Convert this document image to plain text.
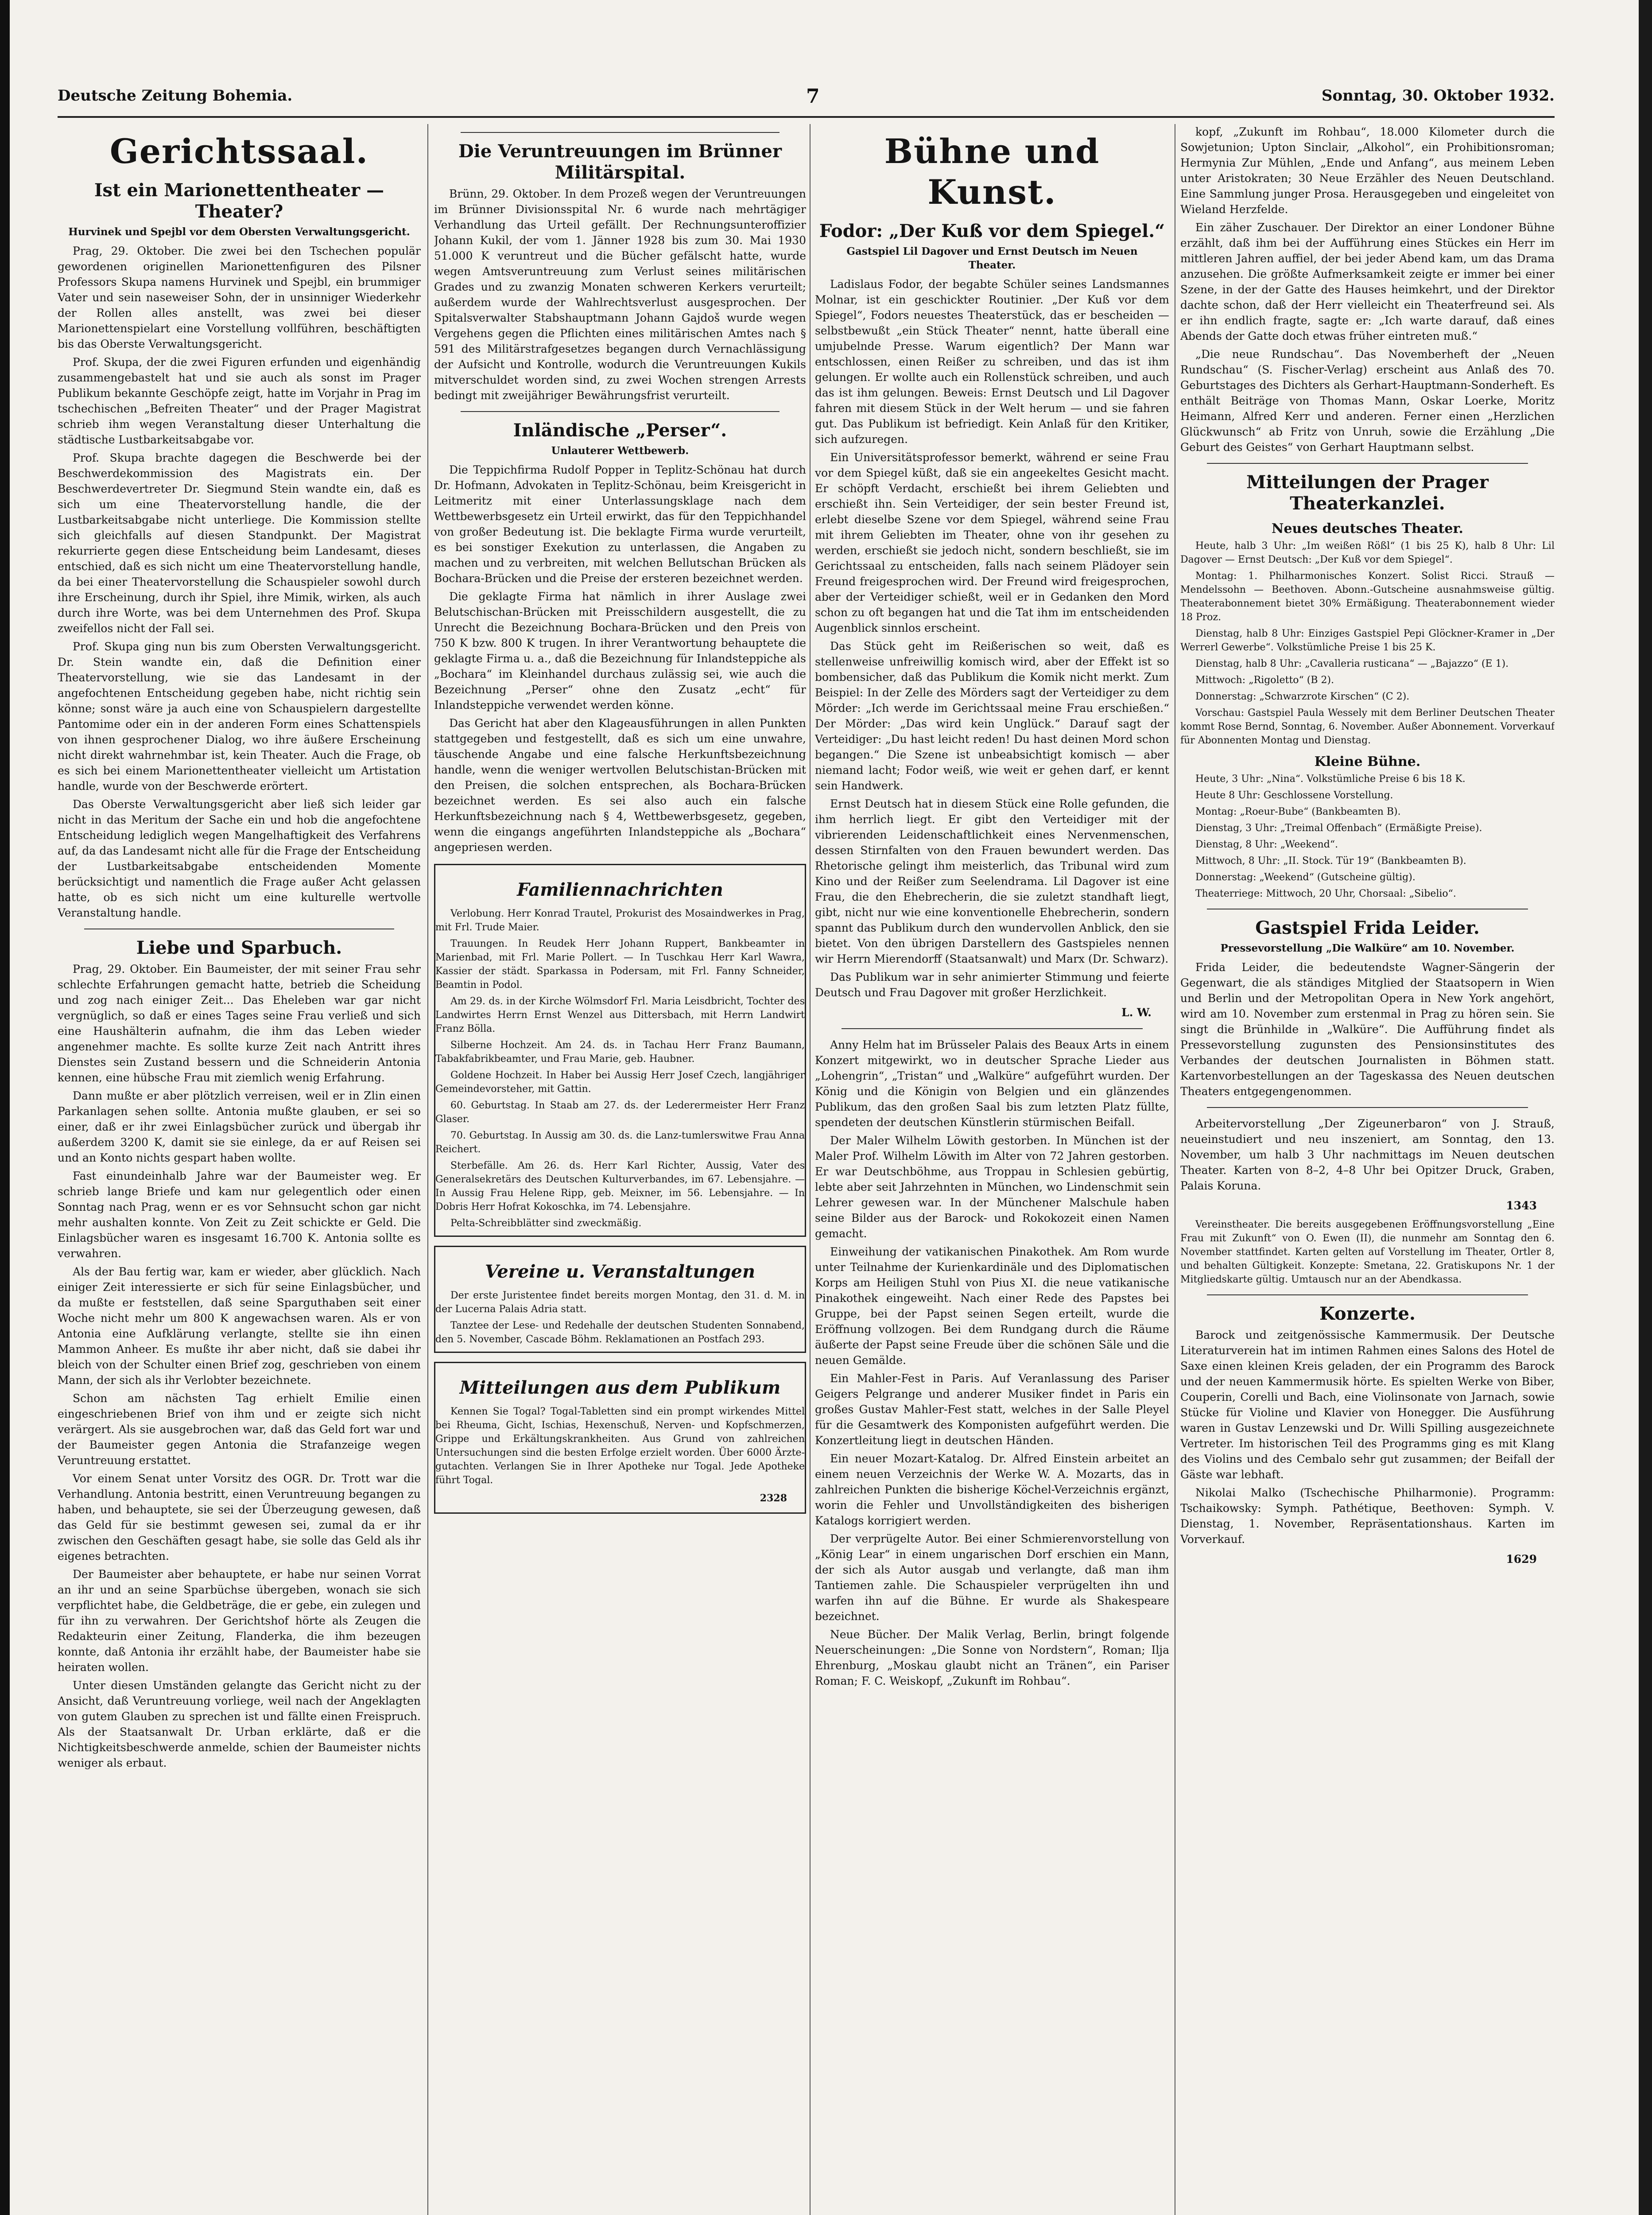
Deutsche Zeitung Bohemia.	7	Sonntag, 30. Oktober 1932.
Gerichtssaal.
Ist ein Marionettentheater — Theater?
Hurvinek und Spejbl vor dem Obersten Verwaltungsgericht.

Prag, 29. Oktober. Die zwei bei den Tschechen populär gewordenen originellen Marionettenfiguren des Pilsner Professors Skupa namens Hurvinek und Spejbl, ein brummiger Vater und sein naseweiser Sohn, der in unsinniger Wiederkehr der Rollen alles anstellt, was zwei bei dieser Marionettenspielart eine Vorstellung vollführen, beschäftigten bis das Oberste Verwaltungsgericht.

Prof. Skupa, der die zwei Figuren erfunden und eigenhändig zusammengebastelt hat und sie auch als sonst im Prager Publikum bekannte Geschöpfe zeigt, hatte im Vorjahr in Prag im tschechischen „Befreiten Theater“ und der Prager Magistrat schrieb ihm wegen Veranstaltung dieser Unterhaltung die städtische Lustbarkeitsabgabe vor.

Prof. Skupa brachte dagegen die Beschwerde bei der Beschwerdekommission des Magistrats ein. Der Beschwerdevertreter Dr. Siegmund Stein wandte ein, daß es sich um eine Theatervorstellung handle, die der Lustbarkeitsabgabe nicht unterliege. Die Kommission stellte sich gleichfalls auf diesen Standpunkt. Der Magistrat rekurrierte gegen diese Entscheidung beim Landesamt, dieses entschied, daß es sich nicht um eine Theatervorstellung handle, da bei einer Theatervorstellung die Schauspieler sowohl durch ihre Erscheinung, durch ihr Spiel, ihre Mimik, wirken, als auch durch ihre Worte, was bei dem Unternehmen des Prof. Skupa zweifellos nicht der Fall sei.

Prof. Skupa ging nun bis zum Obersten Verwaltungsgericht. Dr. Stein wandte ein, daß die Definition einer Theatervorstellung, wie sie das Landesamt in der angefochtenen Entscheidung gegeben habe, nicht richtig sein könne; sonst wäre ja auch eine von Schauspielern dargestellte Pantomime oder ein in der anderen Form eines Schattenspiels von ihnen gesprochener Dialog, wo ihre äußere Erscheinung nicht direkt wahrnehmbar ist, kein Theater. Auch die Frage, ob es sich bei einem Marionettentheater vielleicht um Artistation handle, wurde von der Beschwerde erörtert.

Das Oberste Verwaltungsgericht aber ließ sich leider gar nicht in das Meritum der Sache ein und hob die angefochtene Entscheidung lediglich wegen Mangelhaftigkeit des Verfahrens auf, da das Landesamt nicht alle für die Frage der Entscheidung der Lustbarkeitsabgabe entscheidenden Momente berücksichtigt und namentlich die Frage außer Acht gelassen hatte, ob es sich nicht um eine kulturelle wertvolle Veranstaltung handle.

Liebe und Sparbuch.

Prag, 29. Oktober. Ein Baumeister, der mit seiner Frau sehr schlechte Erfahrungen gemacht hatte, betrieb die Scheidung und zog nach einiger Zeit... Das Eheleben war gar nicht vergnüglich, so daß er eines Tages seine Frau verließ und sich eine Haushälterin aufnahm, die ihm das Leben wieder angenehmer machte. Es sollte kurze Zeit nach Antritt ihres Dienstes sein Zustand bessern und die Schneiderin Antonia kennen, eine hübsche Frau mit ziemlich wenig Erfahrung.

Dann mußte er aber plötzlich verreisen, weil er in Zlin einen Parkanlagen sehen sollte. Antonia mußte glauben, er sei so einer, daß er ihr zwei Einlagsbücher zurück und übergab ihr außerdem 3200 K, damit sie sie einlege, da er auf Reisen sei und an Konto nichts gespart haben wollte.

Fast einundeinhalb Jahre war der Baumeister weg. Er schrieb lange Briefe und kam nur gelegentlich oder einen Sonntag nach Prag, wenn er es vor Sehnsucht schon gar nicht mehr aushalten konnte. Von Zeit zu Zeit schickte er Geld. Die Einlagsbücher waren es insgesamt 16.700 K. Antonia sollte es verwahren.

Als der Bau fertig war, kam er wieder, aber glücklich. Nach einiger Zeit interessierte er sich für seine Einlagsbücher, und da mußte er feststellen, daß seine Sparguthaben seit einer Woche nicht mehr um 800 K angewachsen waren. Als er von Antonia eine Aufklärung verlangte, stellte sie ihn einen Mammon Anheer. Es mußte ihr aber nicht, daß sie dabei ihr bleich von der Schulter einen Brief zog, geschrieben von einem Mann, der sich als ihr Verlobter bezeichnete.

Schon am nächsten Tag erhielt Emilie einen eingeschriebenen Brief von ihm und er zeigte sich nicht verärgert. Als sie ausgebrochen war, daß das Geld fort war und der Baumeister gegen Antonia die Strafanzeige wegen Veruntreuung erstattet.

Vor einem Senat unter Vorsitz des OGR. Dr. Trott war die Verhandlung. Antonia bestritt, einen Veruntreuung begangen zu haben, und behauptete, sie sei der Überzeugung gewesen, daß das Geld für sie bestimmt gewesen sei, zumal da er ihr zwischen den Geschäften gesagt habe, sie solle das Geld als ihr eigenes betrachten.

Der Baumeister aber behauptete, er habe nur seinen Vorrat an ihr und an seine Sparbüchse übergeben, wonach sie sich verpflichtet habe, die Geldbeträge, die er gebe, ein zulegen und für ihn zu verwahren. Der Gerichtshof hörte als Zeugen die Redakteurin einer Zeitung, Flanderka, die ihm bezeugen konnte, daß Antonia ihr erzählt habe, der Baumeister habe sie heiraten wollen.

Unter diesen Umständen gelangte das Gericht nicht zu der Ansicht, daß Veruntreuung vorliege, weil nach der Angeklagten von gutem Glauben zu sprechen ist und fällte einen Freispruch. Als der Staatsanwalt Dr. Urban erklärte, daß er die Nichtigkeitsbeschwerde anmelde, schien der Baumeister nichts weniger als erbaut.

Die Veruntreuungen im Brünner Militärspital.

Brünn, 29. Oktober. In dem Prozeß wegen der Veruntreuungen im Brünner Divisionsspital Nr. 6 wurde nach mehrtägiger Verhandlung das Urteil gefällt. Der Rechnungsunteroffizier Johann Kukil, der vom 1. Jänner 1928 bis zum 30. Mai 1930 51.000 K veruntreut und die Bücher gefälscht hatte, wurde wegen Amtsveruntreuung zum Verlust seines militärischen Grades und zu zwanzig Monaten schweren Kerkers verurteilt; außerdem wurde der Wahlrechtsverlust ausgesprochen. Der Spitalsverwalter Stabshauptmann Johann Gajdoš wurde wegen Vergehens gegen die Pflichten eines militärischen Amtes nach § 591 des Militärstrafgesetzes begangen durch Vernachlässigung der Aufsicht und Kontrolle, wodurch die Veruntreuungen Kukils mitverschuldet worden sind, zu zwei Wochen strengen Arrests bedingt mit zweijähriger Bewährungsfrist verurteilt.

Inländische „Perser“.
Unlauterer Wettbewerb.

Die Teppichfirma Rudolf Popper in Teplitz-Schönau hat durch Dr. Hofmann, Advokaten in Teplitz-Schönau, beim Kreisgericht in Leitmeritz mit einer Unterlassungsklage nach dem Wettbewerbsgesetz ein Urteil erwirkt, das für den Teppichhandel von großer Bedeutung ist. Die beklagte Firma wurde verurteilt, es bei sonstiger Exekution zu unterlassen, die Angaben zu machen und zu verbreiten, mit welchen Bellutschan Brücken als Bochara-Brücken und die Preise der ersteren bezeichnet werden.

Die geklagte Firma hat nämlich in ihrer Auslage zwei Belutschischan-Brücken mit Preisschildern ausgestellt, die zu Unrecht die Bezeichnung Bochara-Brücken und den Preis von 750 K bzw. 800 K trugen. In ihrer Verantwortung behauptete die geklagte Firma u. a., daß die Bezeichnung für Inlandsteppiche als „Bochara“ im Kleinhandel durchaus zulässig sei, wie auch die Bezeichnung „Perser“ ohne den Zusatz „echt“ für Inlandsteppiche verwendet werden könne.

Das Gericht hat aber den Klageausführungen in allen Punkten stattgegeben und festgestellt, daß es sich um eine unwahre, täuschende Angabe und eine falsche Herkunftsbezeichnung handle, wenn die weniger wertvollen Belutschistan-Brücken mit den Preisen, die solchen entsprechen, als Bochara-Brücken bezeichnet werden. Es sei also auch ein falsche Herkunftsbezeichnung nach § 4, Wettbewerbsgesetz, gegeben, wenn die eingangs angeführten Inlandsteppiche als „Bochara“ angepriesen werden.

Familiennachrichten

Verlobung. Herr Konrad Trautel, Prokurist des Mosaindwerkes in Prag, mit Frl. Trude Maier.

Trauungen. In Reudek Herr Johann Ruppert, Bankbeamter in Marienbad, mit Frl. Marie Pollert. — In Tuschkau Herr Karl Wawra, Kassier der städt. Sparkassa in Podersam, mit Frl. Fanny Schneider, Beamtin in Podol.

Am 29. ds. in der Kirche Wölmsdorf Frl. Maria Leisdbricht, Tochter des Landwirtes Herrn Ernst Wenzel aus Dittersbach, mit Herrn Landwirt Franz Bölla.

Silberne Hochzeit. Am 24. ds. in Tachau Herr Franz Baumann, Tabakfabrikbeamter, und Frau Marie, geb. Haubner.

Goldene Hochzeit. In Haber bei Aussig Herr Josef Czech, langjähriger Gemeindevorsteher, mit Gattin.

60. Geburtstag. In Staab am 27. ds. der Lederermeister Herr Franz Glaser.

70. Geburtstag. In Aussig am 30. ds. die Lanz-tumlerswitwe Frau Anna Reichert.

Sterbefälle. Am 26. ds. Herr Karl Richter, Aussig, Vater des Generalsekretärs des Deutschen Kulturverbandes, im 67. Lebensjahre. — In Aussig Frau Helene Ripp, geb. Meixner, im 56. Lebensjahre. — In Dobris Herr Hofrat Kokoschka, im 74. Lebensjahre.

Pelta-Schreibblätter sind zweckmäßig.

Vereine u. Veranstaltungen

Der erste Juristentee findet bereits morgen Montag, den 31. d. M. in der Lucerna Palais Adria statt.

Tanztee der Lese- und Redehalle der deutschen Studenten Sonnabend, den 5. November, Cascade Böhm. Reklamationen an Postfach 293.

Mitteilungen aus dem Publikum

Kennen Sie Togal? Togal-Tabletten sind ein prompt wirkendes Mittel bei Rheuma, Gicht, Ischias, Hexenschuß, Nerven- und Kopfschmerzen, Grippe und Erkältungskrankheiten. Aus Grund von zahlreichen Untersuchungen sind die besten Erfolge erzielt worden. Über 6000 Ärzte-gutachten. Verlangen Sie in Ihrer Apotheke nur Togal. Jede Apotheke führt Togal.

2328

Bühne und Kunst.
Fodor: „Der Kuß vor dem Spiegel.“
Gastspiel Lil Dagover und Ernst Deutsch im Neuen Theater.

Ladislaus Fodor, der begabte Schüler seines Landsmannes Molnar, ist ein geschickter Routinier. „Der Kuß vor dem Spiegel“, Fodors neuestes Theaterstück, das er bescheiden — selbstbewußt „ein Stück Theater“ nennt, hatte überall eine umjubelnde Presse. Warum eigentlich? Der Mann war entschlossen, einen Reißer zu schreiben, und das ist ihm gelungen. Er wollte auch ein Rollenstück schreiben, und auch das ist ihm gelungen. Beweis: Ernst Deutsch und Lil Dagover fahren mit diesem Stück in der Welt herum — und sie fahren gut. Das Publikum ist befriedigt. Kein Anlaß für den Kritiker, sich aufzuregen.

Ein Universitätsprofessor bemerkt, während er seine Frau vor dem Spiegel küßt, daß sie ein angeekeltes Gesicht macht. Er schöpft Verdacht, erschießt bei ihrem Geliebten und erschießt ihn. Sein Verteidiger, der sein bester Freund ist, erlebt dieselbe Szene vor dem Spiegel, während seine Frau mit ihrem Geliebten im Theater, ohne von ihr gesehen zu werden, erschießt sie jedoch nicht, sondern beschließt, sie im Gerichtssaal zu entscheiden, falls nach seinem Plädoyer sein Freund freigesprochen wird. Der Freund wird freigesprochen, aber der Verteidiger schießt, weil er in Gedanken den Mord schon zu oft begangen hat und die Tat ihm im entscheidenden Augenblick sinnlos erscheint.

Das Stück geht im Reißerischen so weit, daß es stellenweise unfreiwillig komisch wird, aber der Effekt ist so bombensicher, daß das Publikum die Komik nicht merkt. Zum Beispiel: In der Zelle des Mörders sagt der Verteidiger zu dem Mörder: „Ich werde im Gerichtssaal meine Frau erschießen.“ Der Mörder: „Das wird kein Unglück.“ Darauf sagt der Verteidiger: „Du hast leicht reden! Du hast deinen Mord schon begangen.“ Die Szene ist unbeabsichtigt komisch — aber niemand lacht; Fodor weiß, wie weit er gehen darf, er kennt sein Handwerk.

Ernst Deutsch hat in diesem Stück eine Rolle gefunden, die ihm herrlich liegt. Er gibt den Verteidiger mit der vibrierenden Leidenschaftlichkeit eines Nervenmenschen, dessen Stirnfalten von den Frauen bewundert werden. Das Rhetorische gelingt ihm meisterlich, das Tribunal wird zum Kino und der Reißer zum Seelendrama. Lil Dagover ist eine Frau, die den Ehebrecherin, die sie zuletzt standhaft liegt, gibt, nicht nur wie eine konventionelle Ehebrecherin, sondern spannt das Publikum durch den wundervollen Anblick, den sie bietet. Von den übrigen Darstellern des Gastspieles nennen wir Herrn Mierendorff (Staatsanwalt) und Marx (Dr. Schwarz).

Das Publikum war in sehr animierter Stimmung und feierte Deutsch und Frau Dagover mit großer Herzlichkeit.

L. W.

Anny Helm hat im Brüsseler Palais des Beaux Arts in einem Konzert mitgewirkt, wo in deutscher Sprache Lieder aus „Lohengrin“, „Tristan“ und „Walküre“ aufgeführt wurden. Der König und die Königin von Belgien und ein glänzendes Publikum, das den großen Saal bis zum letzten Platz füllte, spendeten der deutschen Künstlerin stürmischen Beifall.

Der Maler Wilhelm Löwith gestorben. In München ist der Maler Prof. Wilhelm Löwith im Alter von 72 Jahren gestorben. Er war Deutschböhme, aus Troppau in Schlesien gebürtig, lebte aber seit Jahrzehnten in München, wo Lindenschmit sein Lehrer gewesen war. In der Münchener Malschule haben seine Bilder aus der Barock- und Rokokozeit einen Namen gemacht.

Einweihung der vatikanischen Pinakothek. Am Rom wurde unter Teilnahme der Kurienkardinäle und des Diplomatischen Korps am Heiligen Stuhl von Pius XI. die neue vatikanische Pinakothek eingeweiht. Nach einer Rede des Papstes bei Gruppe, bei der Papst seinen Segen erteilt, wurde die Eröffnung vollzogen. Bei dem Rundgang durch die Räume äußerte der Papst seine Freude über die schönen Säle und die neuen Gemälde.

Ein Mahler-Fest in Paris. Auf Veranlassung des Pariser Geigers Pelgrange und anderer Musiker findet in Paris ein großes Gustav Mahler-Fest statt, welches in der Salle Pleyel für die Gesamtwerk des Komponisten aufgeführt werden. Die Konzertleitung liegt in deutschen Händen.

Ein neuer Mozart-Katalog. Dr. Alfred Einstein arbeitet an einem neuen Verzeichnis der Werke W. A. Mozarts, das in zahlreichen Punkten die bisherige Köchel-Verzeichnis ergänzt, worin die Fehler und Unvollständigkeiten des bisherigen Katalogs korrigiert werden.

Der verprügelte Autor. Bei einer Schmierenvorstellung von „König Lear“ in einem ungarischen Dorf erschien ein Mann, der sich als Autor ausgab und verlangte, daß man ihm Tantiemen zahle. Die Schauspieler verprügelten ihn und warfen ihn auf die Bühne. Er wurde als Shakespeare bezeichnet.

Neue Bücher. Der Malik Verlag, Berlin, bringt folgende Neuerscheinungen: „Die Sonne von Nordstern“, Roman; Ilja Ehrenburg, „Moskau glaubt nicht an Tränen“, ein Pariser Roman; F. C. Weiskopf, „Zukunft im Rohbau“.

kopf, „Zukunft im Rohbau“, 18.000 Kilometer durch die Sowjetunion; Upton Sinclair, „Alkohol“, ein Prohibitionsroman; Hermynia Zur Mühlen, „Ende und Anfang“, aus meinem Leben unter Aristokraten; 30 Neue Erzähler des Neuen Deutschland. Eine Sammlung junger Prosa. Herausgegeben und eingeleitet von Wieland Herzfelde.

Ein zäher Zuschauer. Der Direktor an einer Londoner Bühne erzählt, daß ihm bei der Aufführung eines Stückes ein Herr im mittleren Jahren auffiel, der bei jeder Abend kam, um das Drama anzusehen. Die größte Aufmerksamkeit zeigte er immer bei einer Szene, in der der Gatte des Hauses heimkehrt, und der Direktor dachte schon, daß der Herr vielleicht ein Theaterfreund sei. Als er ihn endlich fragte, sagte er: „Ich warte darauf, daß eines Abends der Gatte doch etwas früher eintreten muß.“

„Die neue Rundschau“. Das Novemberheft der „Neuen Rundschau“ (S. Fischer-Verlag) erscheint aus Anlaß des 70. Geburtstages des Dichters als Gerhart-Hauptmann-Sonderheft. Es enthält Beiträge von Thomas Mann, Oskar Loerke, Moritz Heimann, Alfred Kerr und anderen. Ferner einen „Herzlichen Glückwunsch“ ab Fritz von Unruh, sowie die Erzählung „Die Geburt des Geistes“ von Gerhart Hauptmann selbst.

Mitteilungen der Prager Theaterkanzlei.
Neues deutsches Theater.

Heute, halb 3 Uhr: „Im weißen Rößl“ (1 bis 25 K), halb 8 Uhr: Lil Dagover — Ernst Deutsch: „Der Kuß vor dem Spiegel“.

Montag: 1. Philharmonisches Konzert. Solist Ricci. Strauß — Mendelssohn — Beethoven. Abonn.-Gutscheine ausnahmsweise gültig. Theaterabonnement bietet 30% Ermäßigung. Theaterabonnement wieder 18 Proz.

Dienstag, halb 8 Uhr: Einziges Gastspiel Pepi Glöckner-Kramer in „Der Werrerl Gewerbe“. Volkstümliche Preise 1 bis 25 K.

Dienstag, halb 8 Uhr: „Cavalleria rusticana“ — „Bajazzo“ (E 1).

Mittwoch: „Rigoletto“ (B 2).

Donnerstag: „Schwarzrote Kirschen“ (C 2).

Vorschau: Gastspiel Paula Wessely mit dem Berliner Deutschen Theater kommt Rose Bernd, Sonntag, 6. November. Außer Abonnement. Vorverkauf für Abonnenten Montag und Dienstag.

Kleine Bühne.

Heute, 3 Uhr: „Nina“. Volkstümliche Preise 6 bis 18 K.

Heute 8 Uhr: Geschlossene Vorstellung.

Montag: „Roeur-Bube“ (Bankbeamten B).

Dienstag, 3 Uhr: „Treimal Offenbach“ (Ermäßigte Preise).

Dienstag, 8 Uhr: „Weekend“.

Mittwoch, 8 Uhr: „II. Stock. Tür 19“ (Bankbeamten B).

Donnerstag: „Weekend“ (Gutscheine gültig).

Theaterriege: Mittwoch, 20 Uhr, Chorsaal: „Sibelio“.

Gastspiel Frida Leider.
Pressevorstellung „Die Walküre“ am 10. November.

Frida Leider, die bedeutendste Wagner-Sängerin der Gegenwart, die als ständiges Mitglied der Staatsopern in Wien und Berlin und der Metropolitan Opera in New York angehört, wird am 10. November zum erstenmal in Prag zu hören sein. Sie singt die Brünhilde in „Walküre“. Die Aufführung findet als Pressevorstellung zugunsten des Pensionsinstitutes des Verbandes der deutschen Journalisten in Böhmen statt. Kartenvorbestellungen an der Tageskassa des Neuen deutschen Theaters entgegengenommen.

Arbeitervorstellung „Der Zigeunerbaron“ von J. Strauß, neueinstudiert und neu inszeniert, am Sonntag, den 13. November, um halb 3 Uhr nachmittags im Neuen deutschen Theater. Karten von 8–2, 4–8 Uhr bei Opitzer Druck, Graben, Palais Koruna.

1343

Vereinstheater. Die bereits ausgegebenen Eröffnungsvorstellung „Eine Frau mit Zukunft“ von O. Ewen (II), die nunmehr am Sonntag den 6. November stattfindet. Karten gelten auf Vorstellung im Theater, Ortler 8, und behalten Gültigkeit. Konzepte: Smetana, 22. Gratiskupons Nr. 1 der Mitgliedskarte gültig. Umtausch nur an der Abendkassa.

Konzerte.

Barock und zeitgenössische Kammermusik. Der Deutsche Literaturverein hat im intimen Rahmen eines Salons des Hotel de Saxe einen kleinen Kreis geladen, der ein Programm des Barock und der neuen Kammermusik hörte. Es spielten Werke von Biber, Couperin, Corelli und Bach, eine Violinsonate von Jarnach, sowie Stücke für Violine und Klavier von Honegger. Die Ausführung waren in Gustav Lenzewski und Dr. Willi Spilling ausgezeichnete Vertreter. Im historischen Teil des Programms ging es mit Klang des Violins und des Cembalo sehr gut zusammen; der Beifall der Gäste war lebhaft.

Nikolai Malko (Tschechische Philharmonie). Programm: Tschaikowsky: Symph. Pathétique, Beethoven: Symph. V. Dienstag, 1. November, Repräsentationshaus. Karten im Vorverkauf.

1629
